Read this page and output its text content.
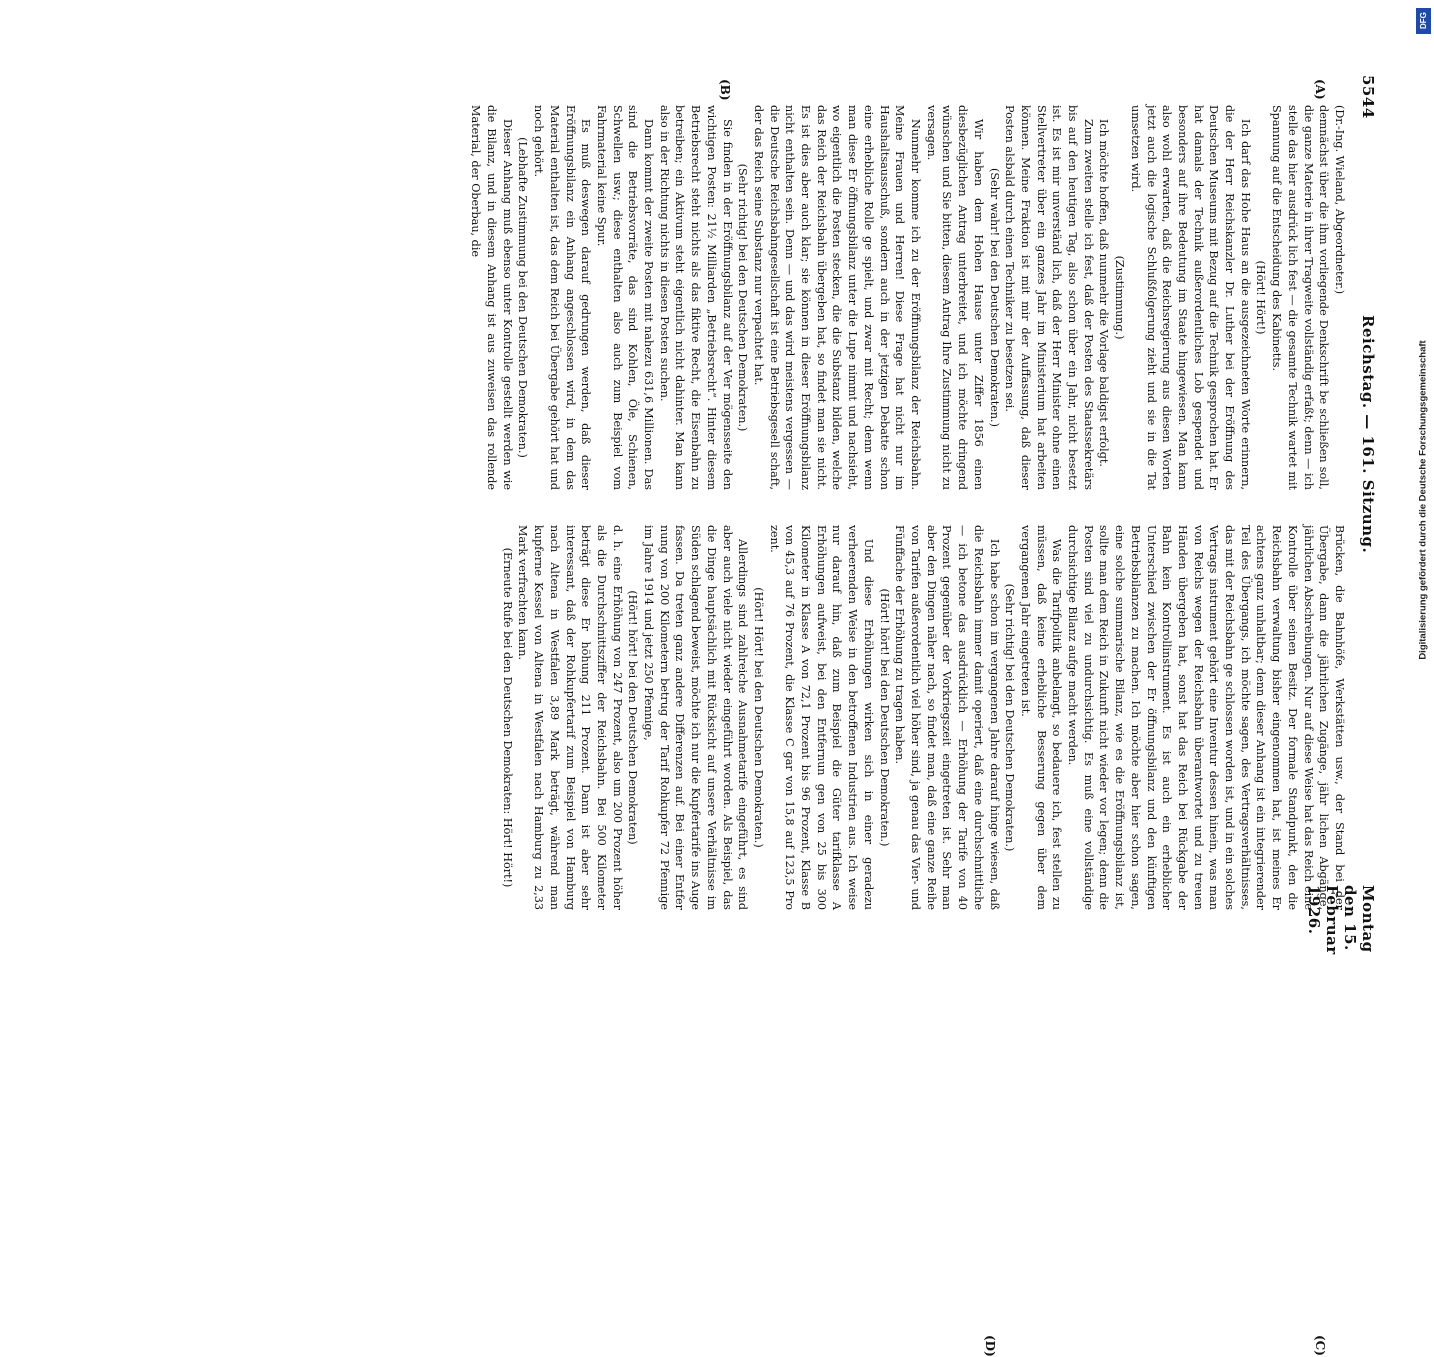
5544
Reichstag. — 161. Sitzung.
Montag den 15. Februar 1926.
(A)
(B)
(C)
(D)

(Dr.-Ing. Wieland, Abgeordneter.)

demnächst über die ihm vorliegende Denkschrift be schließen soll, die ganze Materie in ihrer Tragweite vollständig erfaßt; denn — ich stelle das hier ausdrück lich fest — die gesamte Technik wartet mit Spannung auf die Entscheidung des Kabinetts.

(Hört! Hört!)

Ich darf das Hohe Haus an die ausgezeichneten Worte erinnern, die der Herr Reichskanzler Dr. Luther bei der Eröffnung des Deutschen Museums mit Bezug auf die Technik gesprochen hat. Er hat damals der Technik außerordentliches Lob gespendet und besonders auf ihre Bedeutung im Staate hingewiesen. Man kann also wohl erwarten, daß die Reichsregierung aus diesen Worten jetzt auch die logische Schlußfolgerung zieht und sie in die Tat umsetzen wird.

(Zustimmung.)

Ich möchte hoffen, daß nunmehr die Vorlage baldigst erfolgt.

Zum zweiten stelle ich fest, daß der Posten des Staatssekretärs bis auf den heutigen Tag, also schon über ein Jahr, nicht besetzt ist. Es ist mir unverständ lich, daß der Herr Minister ohne einen Stellvertreter über ein ganzes Jahr im Ministerium hat arbeiten können. Meine Fraktion ist mit mir der Auffassung, daß dieser Posten alsbald durch einen Techniker zu besetzen sei.

(Sehr wahr! bei den Deutschen Demokraten.)

Wir haben dem Hohen Hause unter Ziffer 1856 einen diesbezüglichen Antrag unterbreitet, und ich möchte dringend wünschen und Sie bitten, diesem Antrag Ihre Zustimmung nicht zu versagen.

Nunmehr komme ich zu der Eröffnungsbilanz der Reichsbahn. Meine Frauen und Herren! Diese Frage hat nicht nur im Haushaltsausschuß, sondern auch in der jetzigen Debatte schon eine erhebliche Rolle ge spielt, und zwar mit Recht; denn wenn man diese Er öffnungsbilanz unter die Lupe nimmt und nachsieht, wo eigentlich die Posten stecken, die die Substanz bilden, welche das Reich der Reichsbahn übergeben hat, so findet man sie nicht. Es ist dies aber auch klar; sie können in dieser Eröffnungsbilanz nicht enthalten sein. Denn — und das wird meistens vergessen — die Deutsche Reichsbahngesellschaft ist eine Betriebsgesell schaft, der das Reich seine Substanz nur verpachtet hat.

(Sehr richtig! bei den Deutschen Demokraten.)

Sie finden in der Eröffnungsbilanz auf der Ver mögensseite den wichtigen Posten: 21½ Milliarden „Betriebsrecht“. Hinter diesem Betriebsrecht steht nichts als das fiktive Recht, die Eisenbahn zu betreiben; ein Aktivum steht eigentlich nicht dahinter. Man kann also in der Richtung nichts in diesen Posten suchen.

Dann kommt der zweite Posten mit nahezu 631,6 Millionen. Das sind die Betriebsvorräte, das sind Kohlen, Öle, Schienen, Schwellen usw.; diese enthalten also auch zum Beispiel vom Fahrmaterial keine Spur.

Es muß deswegen darauf gedrungen werden, daß dieser Eröffnungsbilanz ein Anhang angeschlossen wird, in dem das Material enthalten ist, das dem Reich bei Übergabe gehört hat und noch gehört.

(Lebhafte Zustimmung bei den Deutschen Demokraten.)

Dieser Anhang muß ebenso unter Kontrolle gestellt werden wie die Bilanz, und in diesem Anhang ist aus zuweisen das rollende Material, der Oberbau, die

Brücken, die Bahnhöfe, Werkstätten usw., der Stand bei der Übergabe, dann die jährlichen Zugänge, jähr lichen Abgänge, jährlichen Abschreibungen. Nur auf diese Weise hat das Reich eine Kontrolle über seinen Besitz. Der formale Standpunkt, den die Reichsbahn verwaltung bisher eingenommen hat, ist meines Er achtens ganz unhaltbar; denn dieser Anhang ist ein integrierender Teil des Übergangs, ich möchte sagen, des Vertragsverhältnisses, das mit der Reichsbahn ge schlossen worden ist, und in ein solches Vertrags instrument gehört eine Inventur dessen hinein, was man von Reichs wegen der Reichsbahn überantwortet und zu treuen Händen übergeben hat, sonst hat das Reich bei Rückgabe der Bahn kein Kontrollinstrument. Es ist auch ein erheblicher Unterschied zwischen der Er öffnungsbilanz und den künftigen Betriebsbilanzen zu machen. Ich möchte aber hier schon sagen, eine solche summarische Bilanz, wie es die Eröffnungsbilanz ist, sollte man dem Reich in Zukunft nicht wieder vor legen; denn die Posten sind viel zu undurchsichtig. Es muß eine vollständige durchsichtige Bilanz aufge macht werden.

Was die Tarifpolitik anbelangt, so bedauere ich, fest stellen zu müssen, daß keine erhebliche Besserung gegen über dem vergangenen Jahr eingetreten ist.

(Sehr richtig! bei den Deutschen Demokraten.)

Ich habe schon im vergangenen Jahre darauf hinge wiesen, daß die Reichsbahn immer damit operiert, daß eine durchschnittliche — ich betone das ausdrücklich — Erhöhung der Tarife von 40 Prozent gegenüber der Vorkriegszeit eingetreten ist. Sehr man aber den Dingen näher nach, so findet man, daß eine ganze Reihe von Tarifen außerordentlich viel höher sind, ja genau das Vier- und Fünffache der Erhöhung zu tragen haben.

(Hört! hört! bei den Deutschen Demokraten.)

Und diese Erhöhungen wirken sich in einer geradezu verheerenden Weise in den betroffenen Industrien aus. Ich weise nur darauf hin, daß zum Beispiel die Güter tarifklasse A Erhöhungen aufweist, bei den Entfernun gen von 25 bis 300 Kilometer in Klasse A von 72,1 Prozent bis 96 Prozent, Klasse B von 45,3 auf 76 Prozent, die Klasse C gar von 15,8 auf 123,5 Pro zent.

(Hört! Hört! bei den Deutschen Demokraten.)

Allerdings sind zahlreiche Ausnahmetarife eingeführt, es sind aber auch viele nicht wieder eingeführt worden. Als Beispiel, das die Dinge hauptsächlich mit Rücksicht auf unsere Verhältnisse im Süden schlagend beweist, möchte ich nur die Kupfertarife ins Auge fassen. Da treten ganz andere Differenzen auf. Bei einer Entfer nung von 200 Kilometern betrug der Tarif Rohkupfer 72 Pfennige im Jahre 1914 und jetzt 250 Pfennige,

(Hört! hört! bei den Deutschen Demokraten)

d. h. eine Erhöhung von 247 Prozent, also um 200 Prozent höher als die Durchschnittsziffer der Reichsbahn. Bei 500 Kilometer beträgt diese Er höhung 211 Prozent. Dann ist aber sehr interessant, daß der Rohkupfertarif zum Beispiel von Hamburg nach Altena in Westfalen 3,89 Mark beträgt, während man kupferne Kessel von Altena in Westfalen nach Hamburg zu 2,33 Mark verfrachten kann.

(Erneute Rufe bei den Deutschen Demokraten: Hört! Hört!)

DFG
Digitalisierung gefördert durch die Deutsche Forschungsgemeinschaft
